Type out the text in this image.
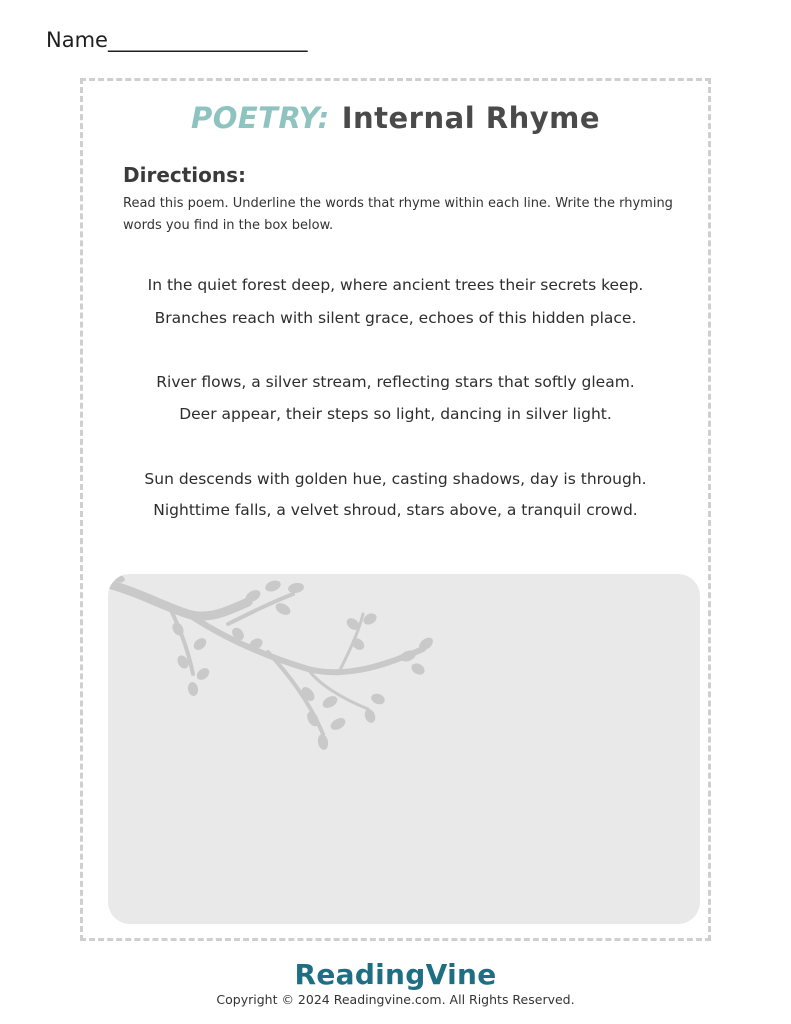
Name___________________
POETRY: Internal Rhyme
Directions:
Read this poem. Underline the words that rhyme within each line. Write the rhyming words you find in the box below.
In the quiet forest deep, where ancient trees their secrets keep.
Branches reach with silent grace, echoes of this hidden place.
River flows, a silver stream, reflecting stars that softly gleam.
Deer appear, their steps so light, dancing in silver light.
Sun descends with golden hue, casting shadows, day is through.
Nighttime falls, a velvet shroud, stars above, a tranquil crowd.
ReadingVine
Copyright © 2024 Readingvine.com. All Rights Reserved.
